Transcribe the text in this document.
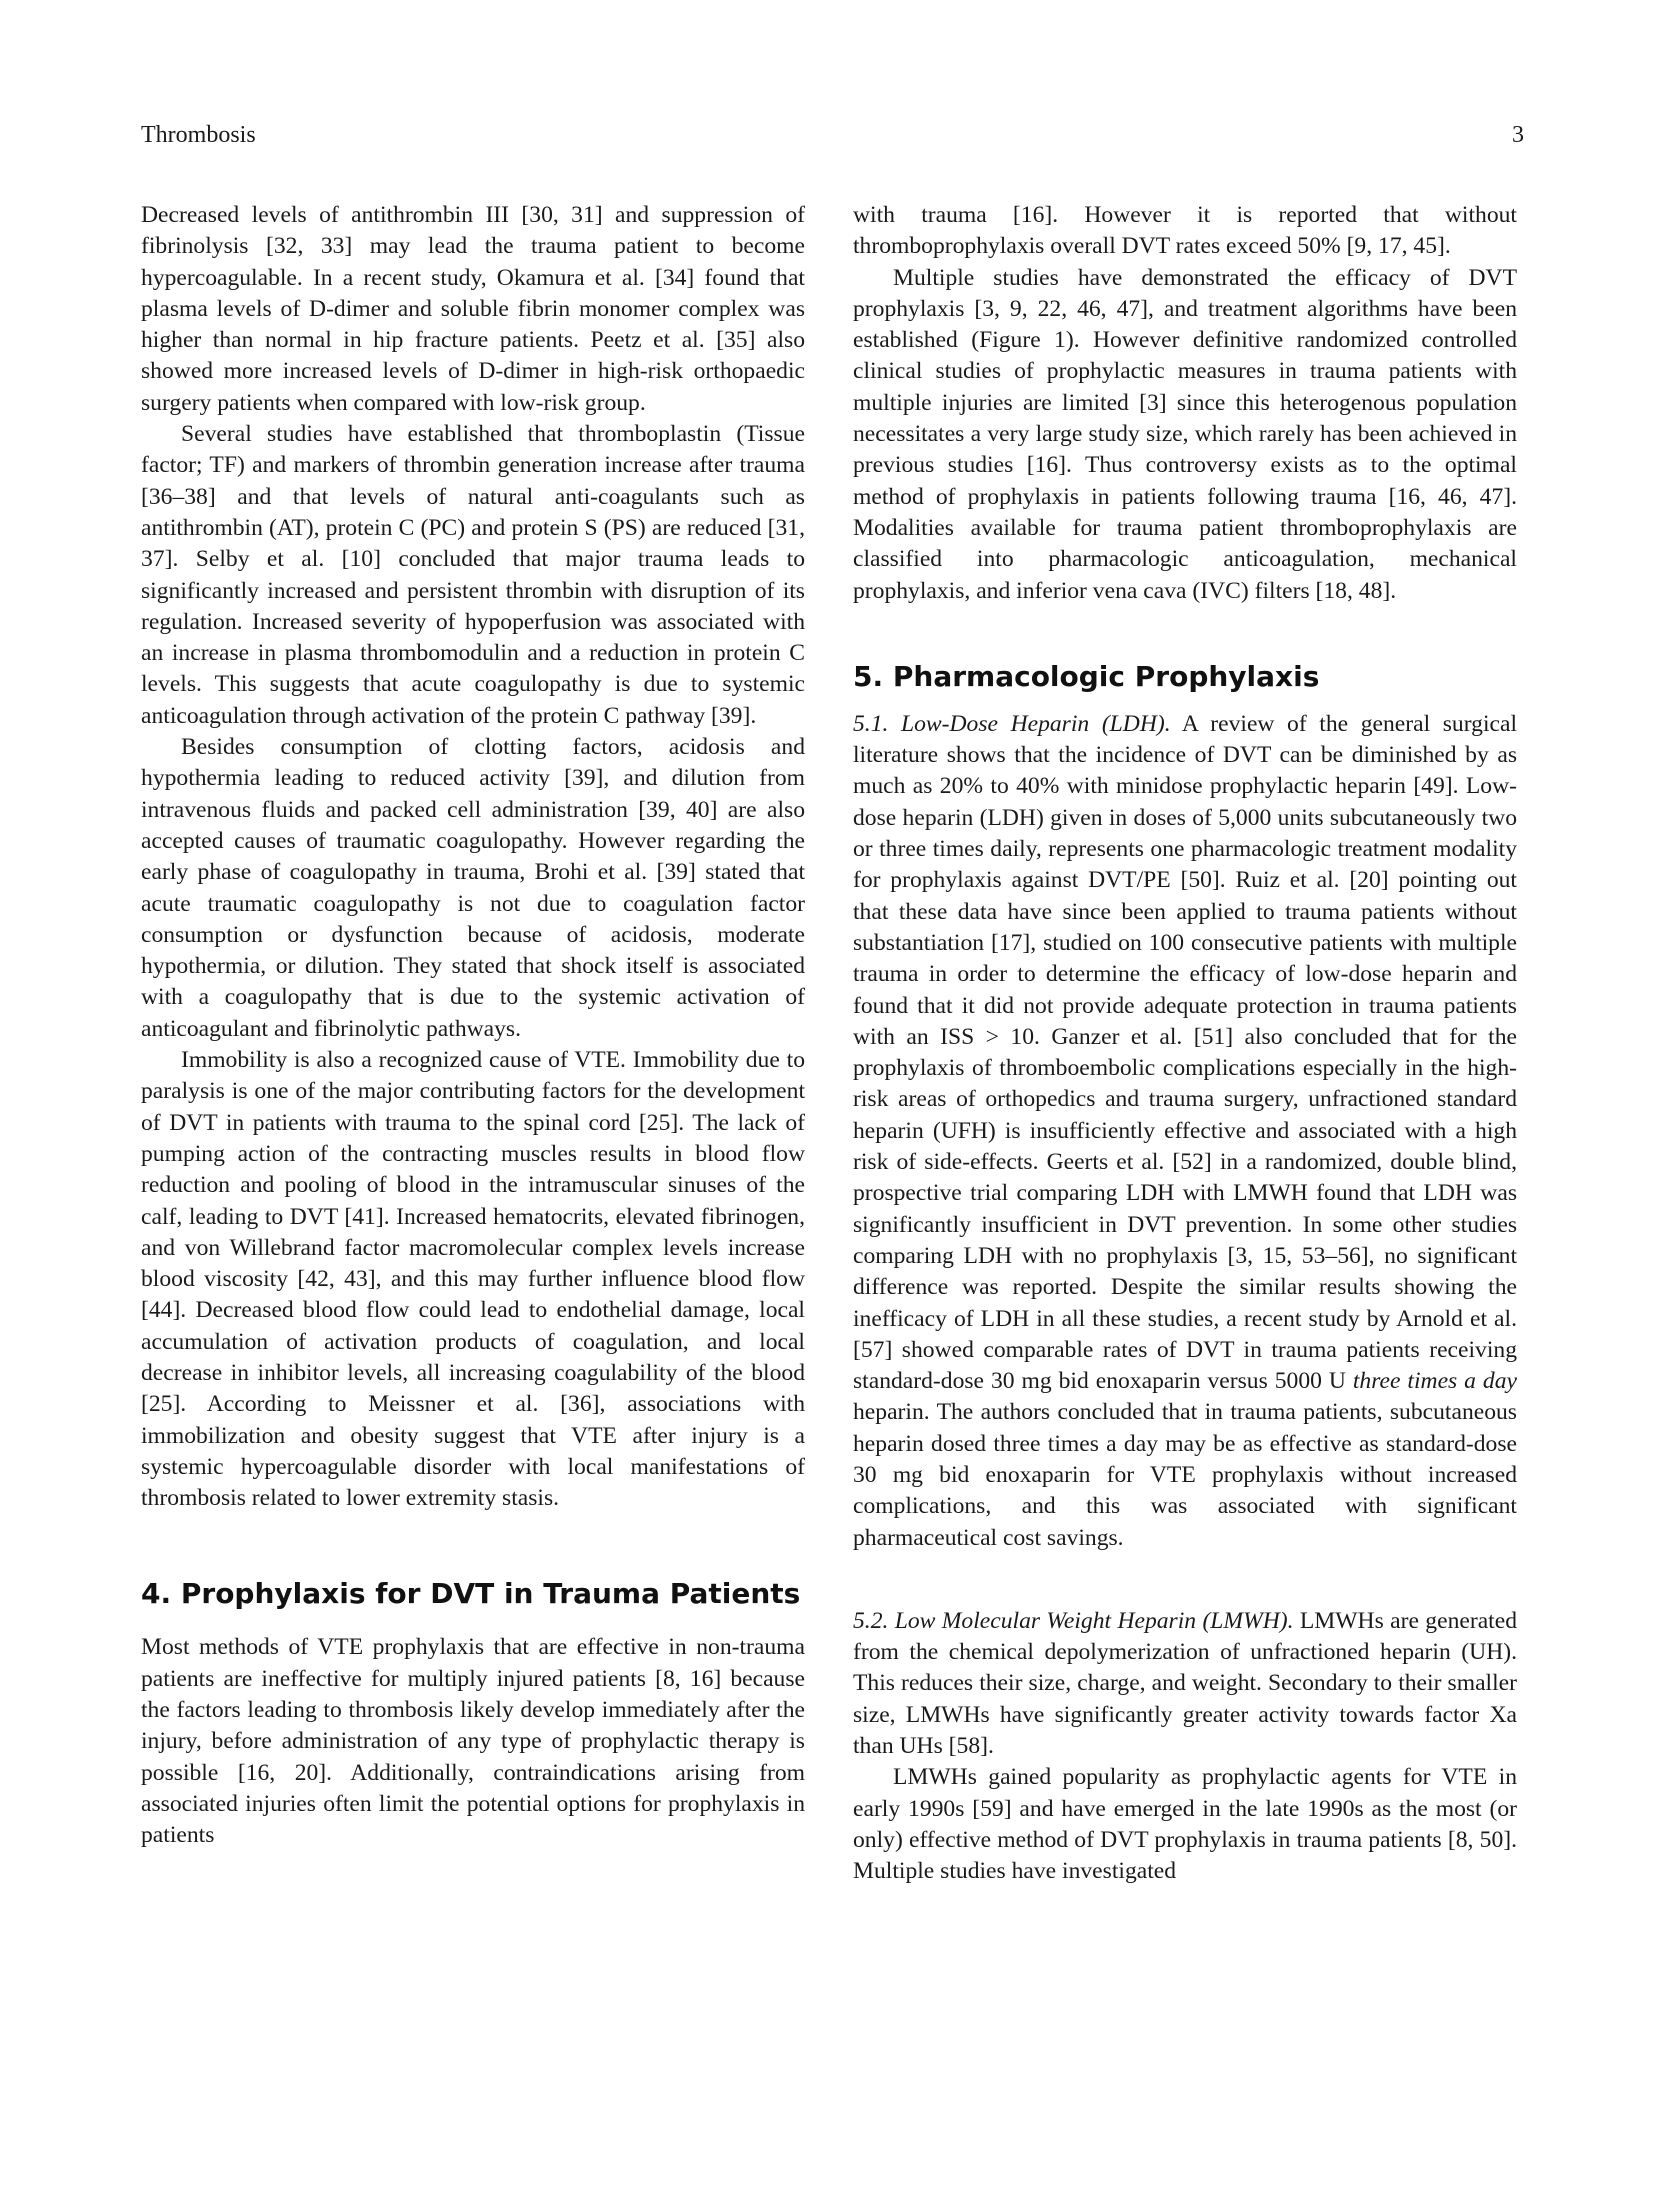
Thrombosis	3

Decreased levels of antithrombin III [30, 31] and suppression of fibrinolysis [32, 33] may lead the trauma patient to become hypercoagulable. In a recent study, Okamura et al. [34] found that plasma levels of D-dimer and soluble fibrin monomer complex was higher than normal in hip fracture patients. Peetz et al. [35] also showed more increased levels of D-dimer in high-risk orthopaedic surgery patients when compared with low-risk group.

Several studies have established that thromboplastin (Tissue factor; TF) and markers of thrombin generation increase after trauma [36–38] and that levels of natural anti-coagulants such as antithrombin (AT), protein C (PC) and protein S (PS) are reduced [31, 37]. Selby et al. [10] concluded that major trauma leads to significantly increased and persistent thrombin with disruption of its regulation. Increased severity of hypoperfusion was associated with an increase in plasma thrombomodulin and a reduction in protein C levels. This suggests that acute coagulopathy is due to systemic anticoagulation through activation of the protein C pathway [39].

Besides consumption of clotting factors, acidosis and hypothermia leading to reduced activity [39], and dilution from intravenous fluids and packed cell administration [39, 40] are also accepted causes of traumatic coagulopathy. However regarding the early phase of coagulopathy in trauma, Brohi et al. [39] stated that acute traumatic coagulopathy is not due to coagulation factor consumption or dysfunction because of acidosis, moderate hypothermia, or dilution. They stated that shock itself is associated with a coagulopathy that is due to the systemic activation of anticoagulant and fibrinolytic pathways.

Immobility is also a recognized cause of VTE. Immobility due to paralysis is one of the major contributing factors for the development of DVT in patients with trauma to the spinal cord [25]. The lack of pumping action of the contracting muscles results in blood flow reduction and pooling of blood in the intramuscular sinuses of the calf, leading to DVT [41]. Increased hematocrits, elevated fibrinogen, and von Willebrand factor macromolecular complex levels increase blood viscosity [42, 43], and this may further influence blood flow [44]. Decreased blood flow could lead to endothelial damage, local accumulation of activation products of coagulation, and local decrease in inhibitor levels, all increasing coagulability of the blood [25]. According to Meissner et al. [36], associations with immobilization and obesity suggest that VTE after injury is a systemic hypercoagulable disorder with local manifestations of thrombosis related to lower extremity stasis.

4. Prophylaxis for DVT in Trauma Patients

Most methods of VTE prophylaxis that are effective in non-trauma patients are ineffective for multiply injured patients [8, 16] because the factors leading to thrombosis likely develop immediately after the injury, before administration of any type of prophylactic therapy is possible [16, 20]. Additionally, contraindications arising from associated injuries often limit the potential options for prophylaxis in patients

with trauma [16]. However it is reported that without thromboprophylaxis overall DVT rates exceed 50% [9, 17, 45].

Multiple studies have demonstrated the efficacy of DVT prophylaxis [3, 9, 22, 46, 47], and treatment algorithms have been established (Figure 1). However definitive randomized controlled clinical studies of prophylactic measures in trauma patients with multiple injuries are limited [3] since this heterogenous population necessitates a very large study size, which rarely has been achieved in previous studies [16]. Thus controversy exists as to the optimal method of prophylaxis in patients following trauma [16, 46, 47]. Modalities available for trauma patient thromboprophylaxis are classified into pharmacologic anticoagulation, mechanical prophylaxis, and inferior vena cava (IVC) filters [18, 48].

5. Pharmacologic Prophylaxis

5.1. Low-Dose Heparin (LDH). A review of the general surgical literature shows that the incidence of DVT can be diminished by as much as 20% to 40% with minidose prophylactic heparin [49]. Low-dose heparin (LDH) given in doses of 5,000 units subcutaneously two or three times daily, represents one pharmacologic treatment modality for prophylaxis against DVT/PE [50]. Ruiz et al. [20] pointing out that these data have since been applied to trauma patients without substantiation [17], studied on 100 consecutive patients with multiple trauma in order to determine the efficacy of low-dose heparin and found that it did not provide adequate protection in trauma patients with an ISS > 10. Ganzer et al. [51] also concluded that for the prophylaxis of thromboembolic complications especially in the high-risk areas of orthopedics and trauma surgery, unfractioned standard heparin (UFH) is insufficiently effective and associated with a high risk of side-effects. Geerts et al. [52] in a randomized, double blind, prospective trial comparing LDH with LMWH found that LDH was significantly insufficient in DVT prevention. In some other studies comparing LDH with no prophylaxis [3, 15, 53–56], no significant difference was reported. Despite the similar results showing the inefficacy of LDH in all these studies, a recent study by Arnold et al. [57] showed comparable rates of DVT in trauma patients receiving standard-dose 30 mg bid enoxaparin versus 5000 U three times a day heparin. The authors concluded that in trauma patients, subcutaneous heparin dosed three times a day may be as effective as standard-dose 30 mg bid enoxaparin for VTE prophylaxis without increased complications, and this was associated with significant pharmaceutical cost savings.

5.2. Low Molecular Weight Heparin (LMWH). LMWHs are generated from the chemical depolymerization of unfractioned heparin (UH). This reduces their size, charge, and weight. Secondary to their smaller size, LMWHs have significantly greater activity towards factor Xa than UHs [58].

LMWHs gained popularity as prophylactic agents for VTE in early 1990s [59] and have emerged in the late 1990s as the most (or only) effective method of DVT prophylaxis in trauma patients [8, 50]. Multiple studies have investigated
